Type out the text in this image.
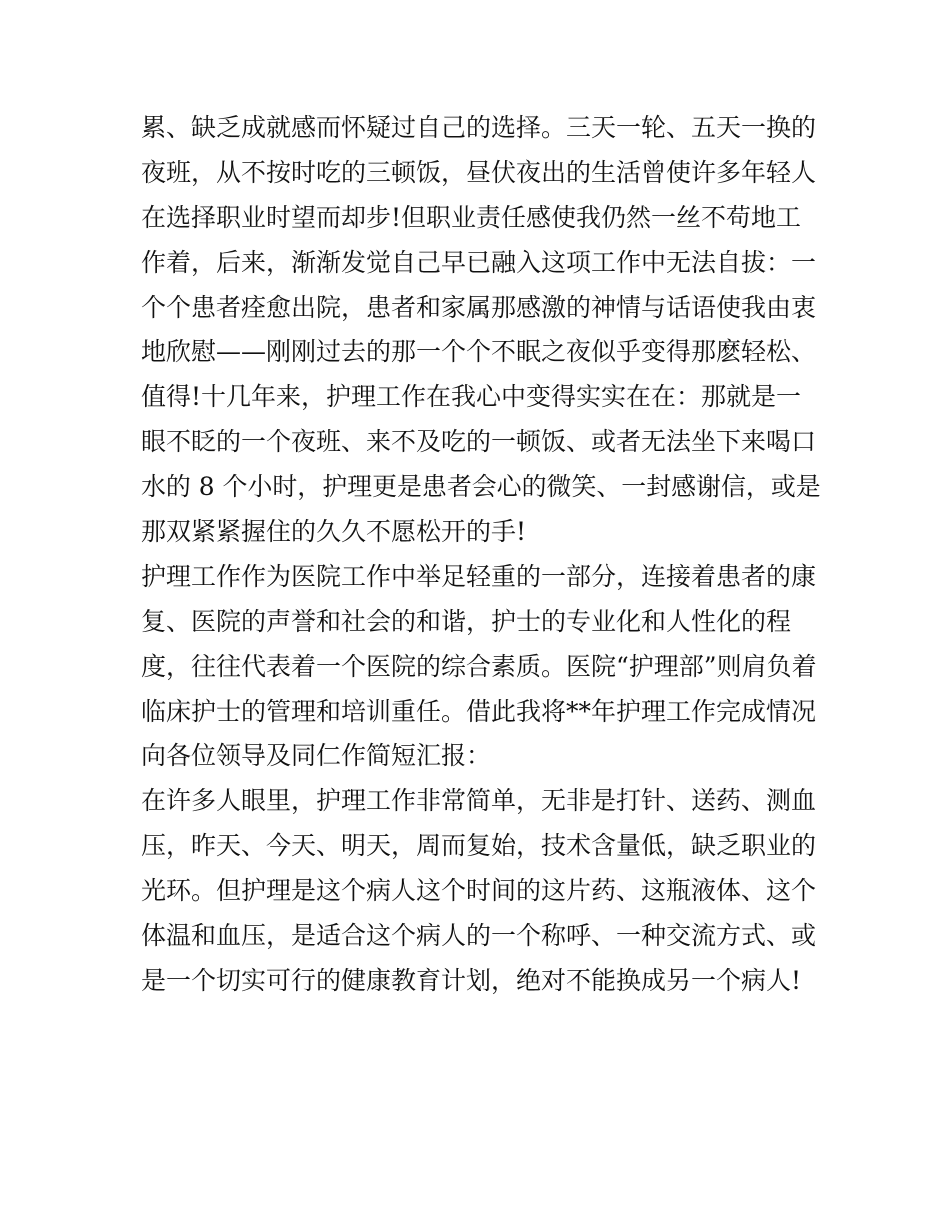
累、缺乏成就感而怀疑过自己的选择。三天一轮、五天一换的
夜班，从不按时吃的三顿饭，昼伏夜出的生活曾使许多年轻人
在选择职业时望而却步!但职业责任感使我仍然一丝不苟地工
作着，后来，渐渐发觉自己早已融入这项工作中无法自拔：一
个个患者痊愈出院，患者和家属那感激的神情与话语使我由衷
地欣慰——刚刚过去的那一个个不眠之夜似乎变得那麽轻松、
值得!十几年来，护理工作在我心中变得实实在在：那就是一
眼不眨的一个夜班、来不及吃的一顿饭、或者无法坐下来喝口
水的 8 个小时，护理更是患者会心的微笑、一封感谢信，或是
那双紧紧握住的久久不愿松开的手!
护理工作作为医院工作中举足轻重的一部分，连接着患者的康
复、医院的声誉和社会的和谐，护士的专业化和人性化的程
度，往往代表着一个医院的综合素质。医院“护理部”则肩负着
临床护士的管理和培训重任。借此我将**年护理工作完成情况
向各位领导及同仁作简短汇报：
在许多人眼里，护理工作非常简单，无非是打针、送药、测血
压，昨天、今天、明天，周而复始，技术含量低，缺乏职业的
光环。但护理是这个病人这个时间的这片药、这瓶液体、这个
体温和血压，是适合这个病人的一个称呼、一种交流方式、或
是一个切实可行的健康教育计划，绝对不能换成另一个病人!
